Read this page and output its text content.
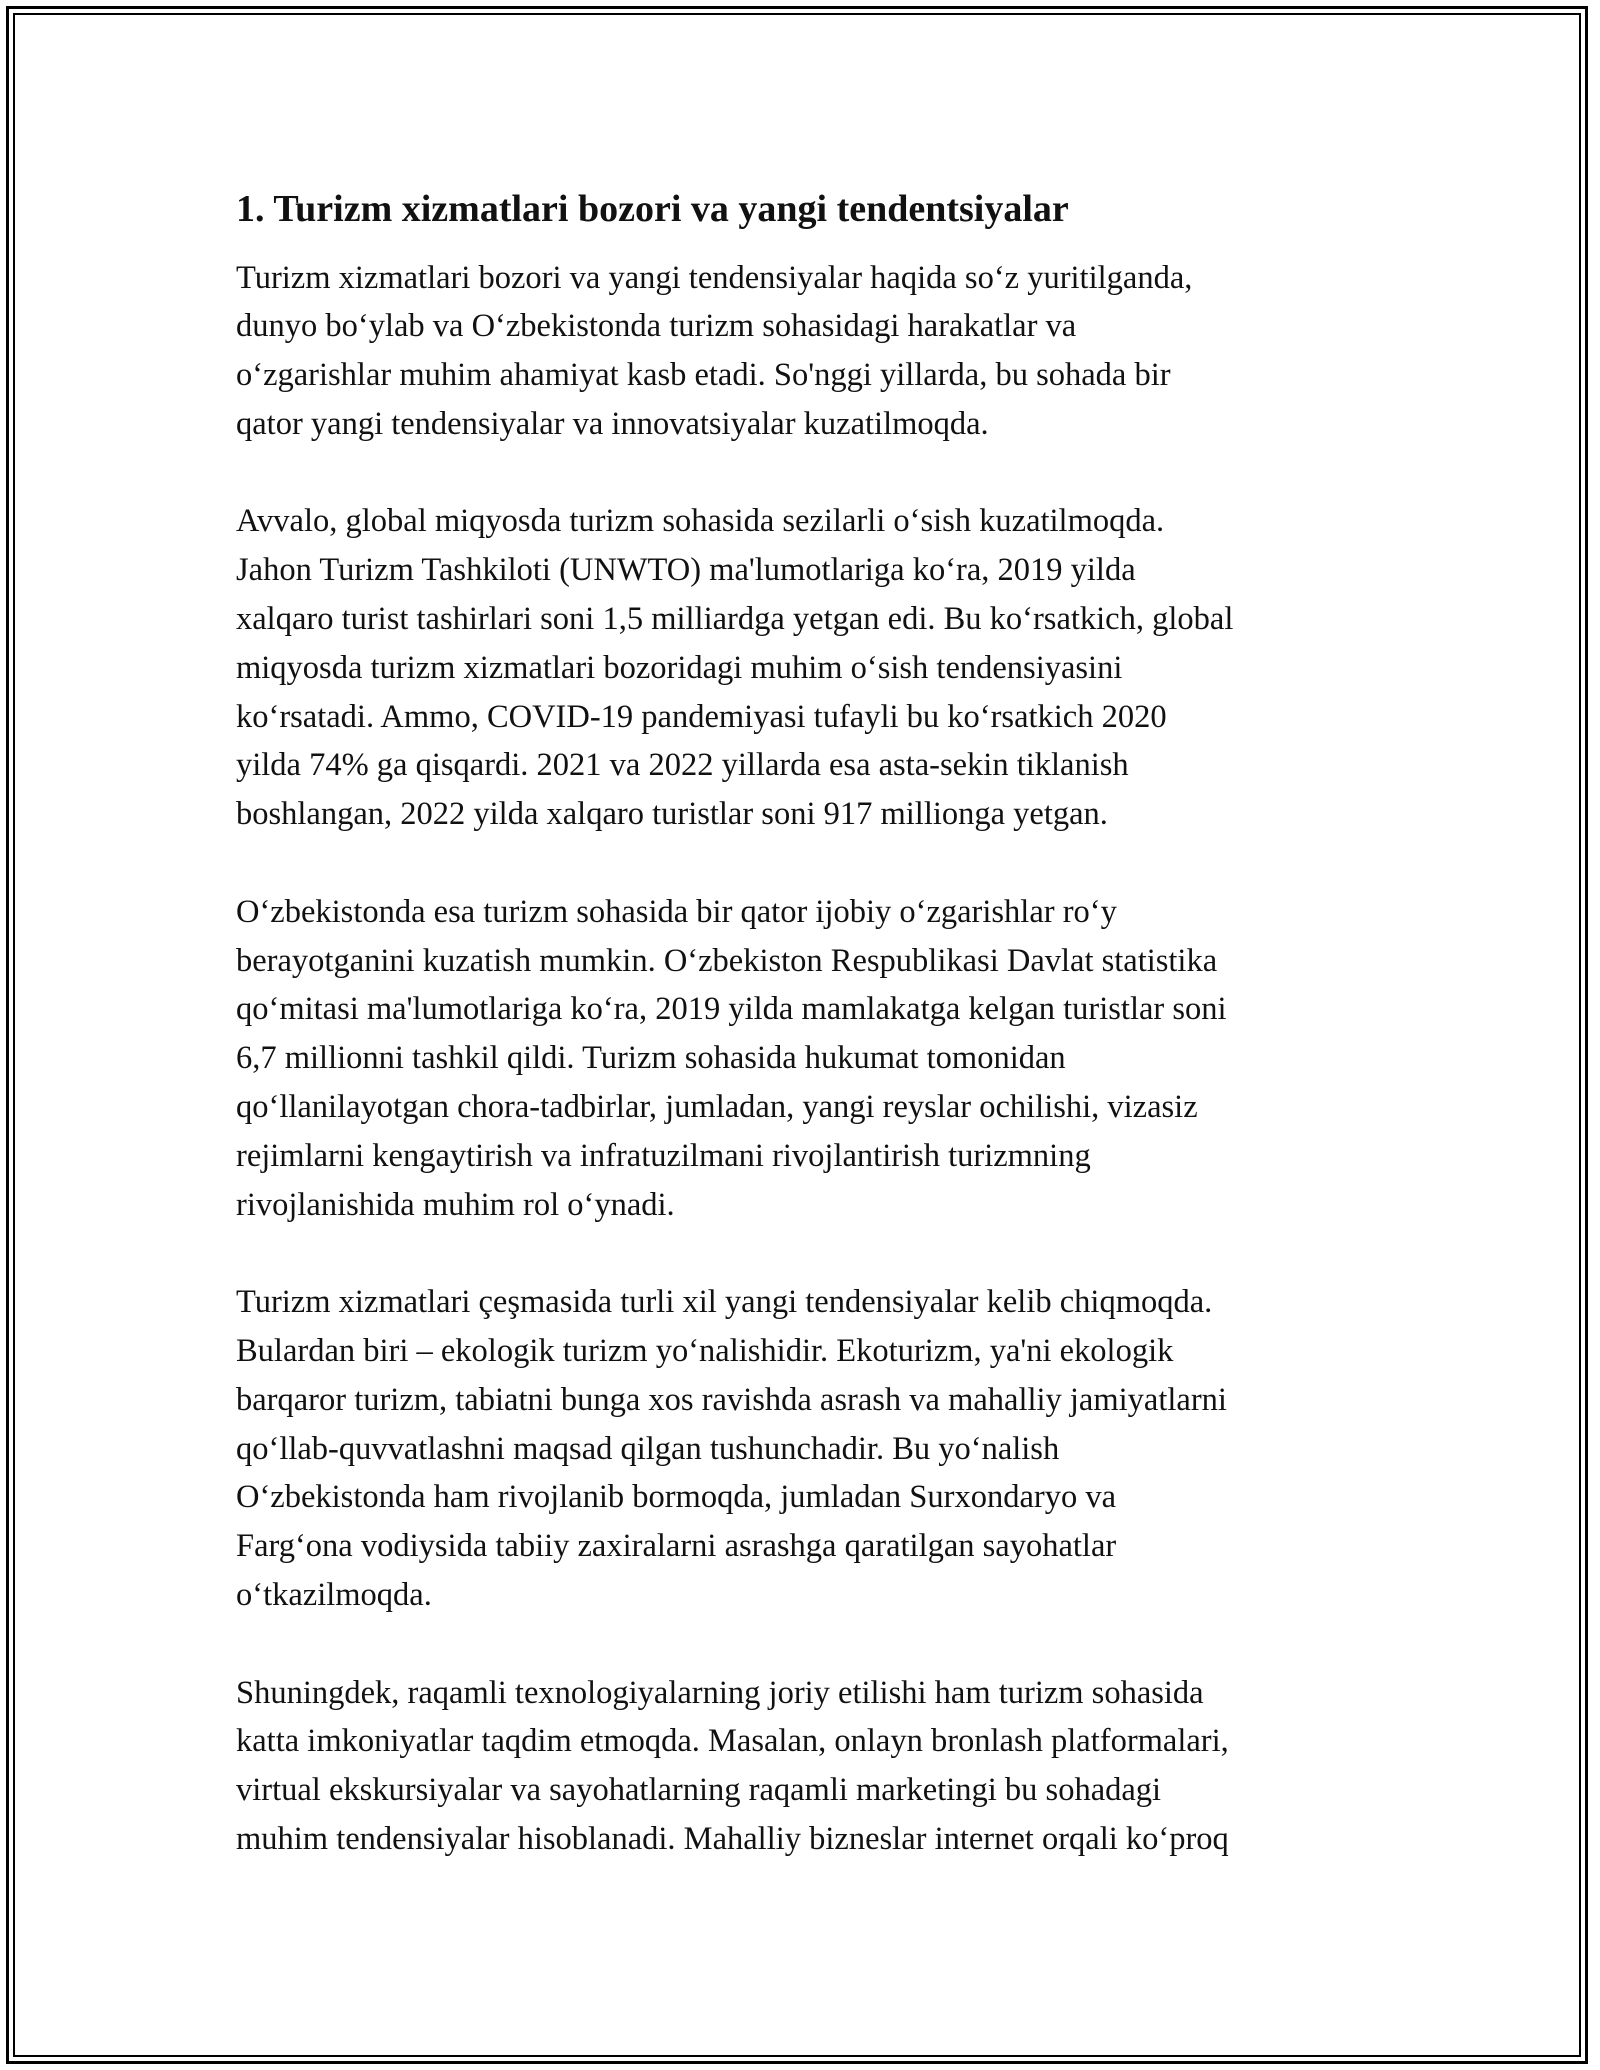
1. Turizm xizmatlari bozori va yangi tendentsiyalar

Turizm xizmatlari bozori va yangi tendensiyalar haqida so‘z yuritilganda,
dunyo bo‘ylab va O‘zbekistonda turizm sohasidagi harakatlar va
o‘zgarishlar muhim ahamiyat kasb etadi. So'nggi yillarda, bu sohada bir
qator yangi tendensiyalar va innovatsiyalar kuzatilmoqda.

Avvalo, global miqyosda turizm sohasida sezilarli o‘sish kuzatilmoqda.
Jahon Turizm Tashkiloti (UNWTO) ma'lumotlariga ko‘ra, 2019 yilda
xalqaro turist tashirlari soni 1,5 milliardga yetgan edi. Bu ko‘rsatkich, global
miqyosda turizm xizmatlari bozoridagi muhim o‘sish tendensiyasini
ko‘rsatadi. Ammo, COVID-19 pandemiyasi tufayli bu ko‘rsatkich 2020
yilda 74% ga qisqardi. 2021 va 2022 yillarda esa asta-sekin tiklanish
boshlangan, 2022 yilda xalqaro turistlar soni 917 millionga yetgan.

O‘zbekistonda esa turizm sohasida bir qator ijobiy o‘zgarishlar ro‘y
berayotganini kuzatish mumkin. O‘zbekiston Respublikasi Davlat statistika
qo‘mitasi ma'lumotlariga ko‘ra, 2019 yilda mamlakatga kelgan turistlar soni
6,7 millionni tashkil qildi. Turizm sohasida hukumat tomonidan
qo‘llanilayotgan chora-tadbirlar, jumladan, yangi reyslar ochilishi, vizasiz
rejimlarni kengaytirish va infratuzilmani rivojlantirish turizmning
rivojlanishida muhim rol o‘ynadi.

Turizm xizmatlari çeşmasida turli xil yangi tendensiyalar kelib chiqmoqda.
Bulardan biri – ekologik turizm yo‘nalishidir. Ekoturizm, ya'ni ekologik
barqaror turizm, tabiatni bunga xos ravishda asrash va mahalliy jamiyatlarni
qo‘llab-quvvatlashni maqsad qilgan tushunchadir. Bu yo‘nalish
O‘zbekistonda ham rivojlanib bormoqda, jumladan Surxondaryo va
Farg‘ona vodiysida tabiiy zaxiralarni asrashga qaratilgan sayohatlar
o‘tkazilmoqda.

Shuningdek, raqamli texnologiyalarning joriy etilishi ham turizm sohasida
katta imkoniyatlar taqdim etmoqda. Masalan, onlayn bronlash platformalari,
virtual ekskursiyalar va sayohatlarning raqamli marketingi bu sohadagi
muhim tendensiyalar hisoblanadi. Mahalliy bizneslar internet orqali ko‘proq
